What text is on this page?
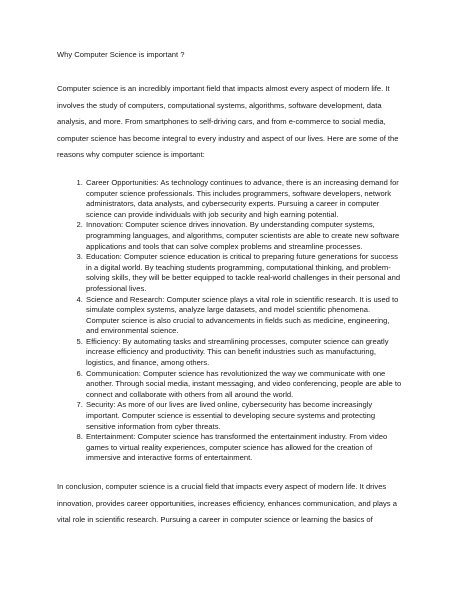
Why Computer Science is important ?

Computer science is an incredibly important field that impacts almost every aspect of modern life. It involves the study of computers, computational systems, algorithms, software development, data analysis, and more. From smartphones to self-driving cars, and from e-commerce to social media, computer science has become integral to every industry and aspect of our lives. Here are some of the reasons why computer science is important:

1. Career Opportunities: As technology continues to advance, there is an increasing demand for computer science professionals. This includes programmers, software developers, network administrators, data analysts, and cybersecurity experts. Pursuing a career in computer science can provide individuals with job security and high earning potential.
2. Innovation: Computer science drives innovation. By understanding computer systems, programming languages, and algorithms, computer scientists are able to create new software applications and tools that can solve complex problems and streamline processes.
3. Education: Computer science education is critical to preparing future generations for success in a digital world. By teaching students programming, computational thinking, and problem-solving skills, they will be better equipped to tackle real-world challenges in their personal and professional lives.
4. Science and Research: Computer science plays a vital role in scientific research. It is used to simulate complex systems, analyze large datasets, and model scientific phenomena. Computer science is also crucial to advancements in fields such as medicine, engineering, and environmental science.
5. Efficiency: By automating tasks and streamlining processes, computer science can greatly increase efficiency and productivity. This can benefit industries such as manufacturing, logistics, and finance, among others.
6. Communication: Computer science has revolutionized the way we communicate with one another. Through social media, instant messaging, and video conferencing, people are able to connect and collaborate with others from all around the world.
7. Security: As more of our lives are lived online, cybersecurity has become increasingly important. Computer science is essential to developing secure systems and protecting sensitive information from cyber threats.
8. Entertainment: Computer science has transformed the entertainment industry. From video games to virtual reality experiences, computer science has allowed for the creation of immersive and interactive forms of entertainment.

In conclusion, computer science is a crucial field that impacts every aspect of modern life. It drives innovation, provides career opportunities, increases efficiency, enhances communication, and plays a vital role in scientific research. Pursuing a career in computer science or learning the basics of
